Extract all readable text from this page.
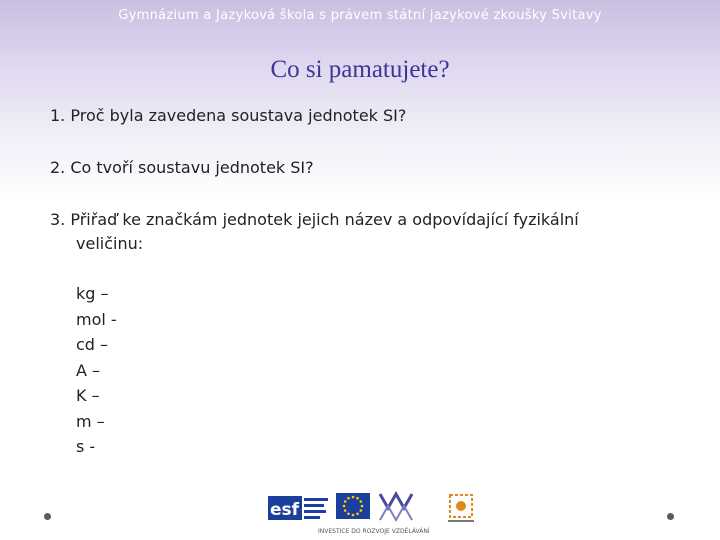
Gymnázium a Jazyková škola s právem státní jazykové zkoušky Svitavy
Co si pamatujete?
1. Proč byla zavedena soustava jednotek SI?
2. Co tvoří soustavu jednotek SI?
3. Přiřaď ke značkám jednotek jejich název a odpovídající fyzikální
veličinu:
kg –
mol -
cd –
A –
K –
m –
s -
esf
INVESTICE DO ROZVOJE VZDĚLÁVÁNÍ
